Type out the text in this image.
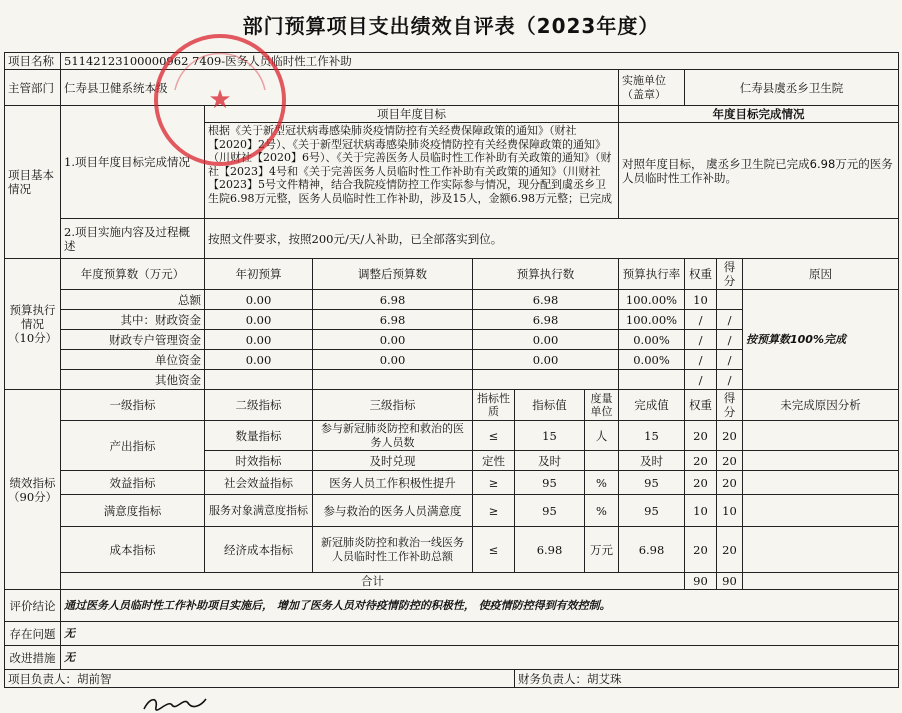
部门预算项目支出绩效自评表（2023年度）
项目名称	51142123100000962 7409-医务人员临时性工作补助									
主管部门	仁寿县卫健系统本级						实施单位（盖章）	仁寿县虞丞乡卫生院		
项目基本情况	1.项目年度目标完成情况	项目年度目标					年度目标完成情况			
		根据《关于新型冠状病毒感染肺炎疫情防控有关经费保障政策的通知》（财社【2020】2号）、《关于新型冠状病毒感染肺炎疫情防控有关经费保障政策的通知》（川财社【2020】6号）、《关于完善医务人员临时性工作补助有关政策的通知》（财社【2023】4号和《关于完善医务人员临时性工作补助有关政策的通知》（川财社【2023】5号文件精神，结合我院疫情防控工作实际参与情况，现分配到虞丞乡卫生院6.98万元整，医务人员临时性工作补助，涉及15人，金额6.98万元整；已完成					对照年度目标， 虞丞乡卫生院已完成6.98万元的医务人员临时性工作补助。			
	2.项目实施内容及过程概述	按照文件要求，按照200元/天/人补助，已全部落实到位。								
预算执行情况（10分）	年度预算数（万元）	年初预算	调整后预算数	预算执行数			预算执行率	权重	得分	原因
	总额	0.00	6.98	6.98			100.00%	10		按预算数100%完成
	其中：财政资金	0.00	6.98	6.98			100.00%	/	/	
	财政专户管理资金	0.00	0.00	0.00			0.00%	/	/	
	单位资金	0.00	0.00	0.00			0.00%	/	/	
	其他资金							/	/	
绩效指标（90分）	一级指标	二级指标	三级指标	指标性质	指标值	度量单位	完成值	权重	得分	未完成原因分析
	产出指标	数量指标	参与新冠肺炎防控和救治的医务人员数	≤	15	人	15	20	20	
		时效指标	及时兑现	定性	及时		及时	20	20	
	效益指标	社会效益指标	医务人员工作积极性提升	≥	95	%	95	20	20	
	满意度指标	服务对象满意度指标	参与救治的医务人员满意度	≥	95	%	95	10	10	
	成本指标	经济成本指标	新冠肺炎防控和救治一线医务人员临时性工作补助总额	≤	6.98	万元	6.98	20	20	
	合计							90	90	
评价结论	通过医务人员临时性工作补助项目实施后， 增加了医务人员对待疫情防控的积极性， 使疫情防控得到有效控制。									
存在问题	无									
改进措施	无									
项目负责人：胡前智					财务负责人：胡艾珠					
★
